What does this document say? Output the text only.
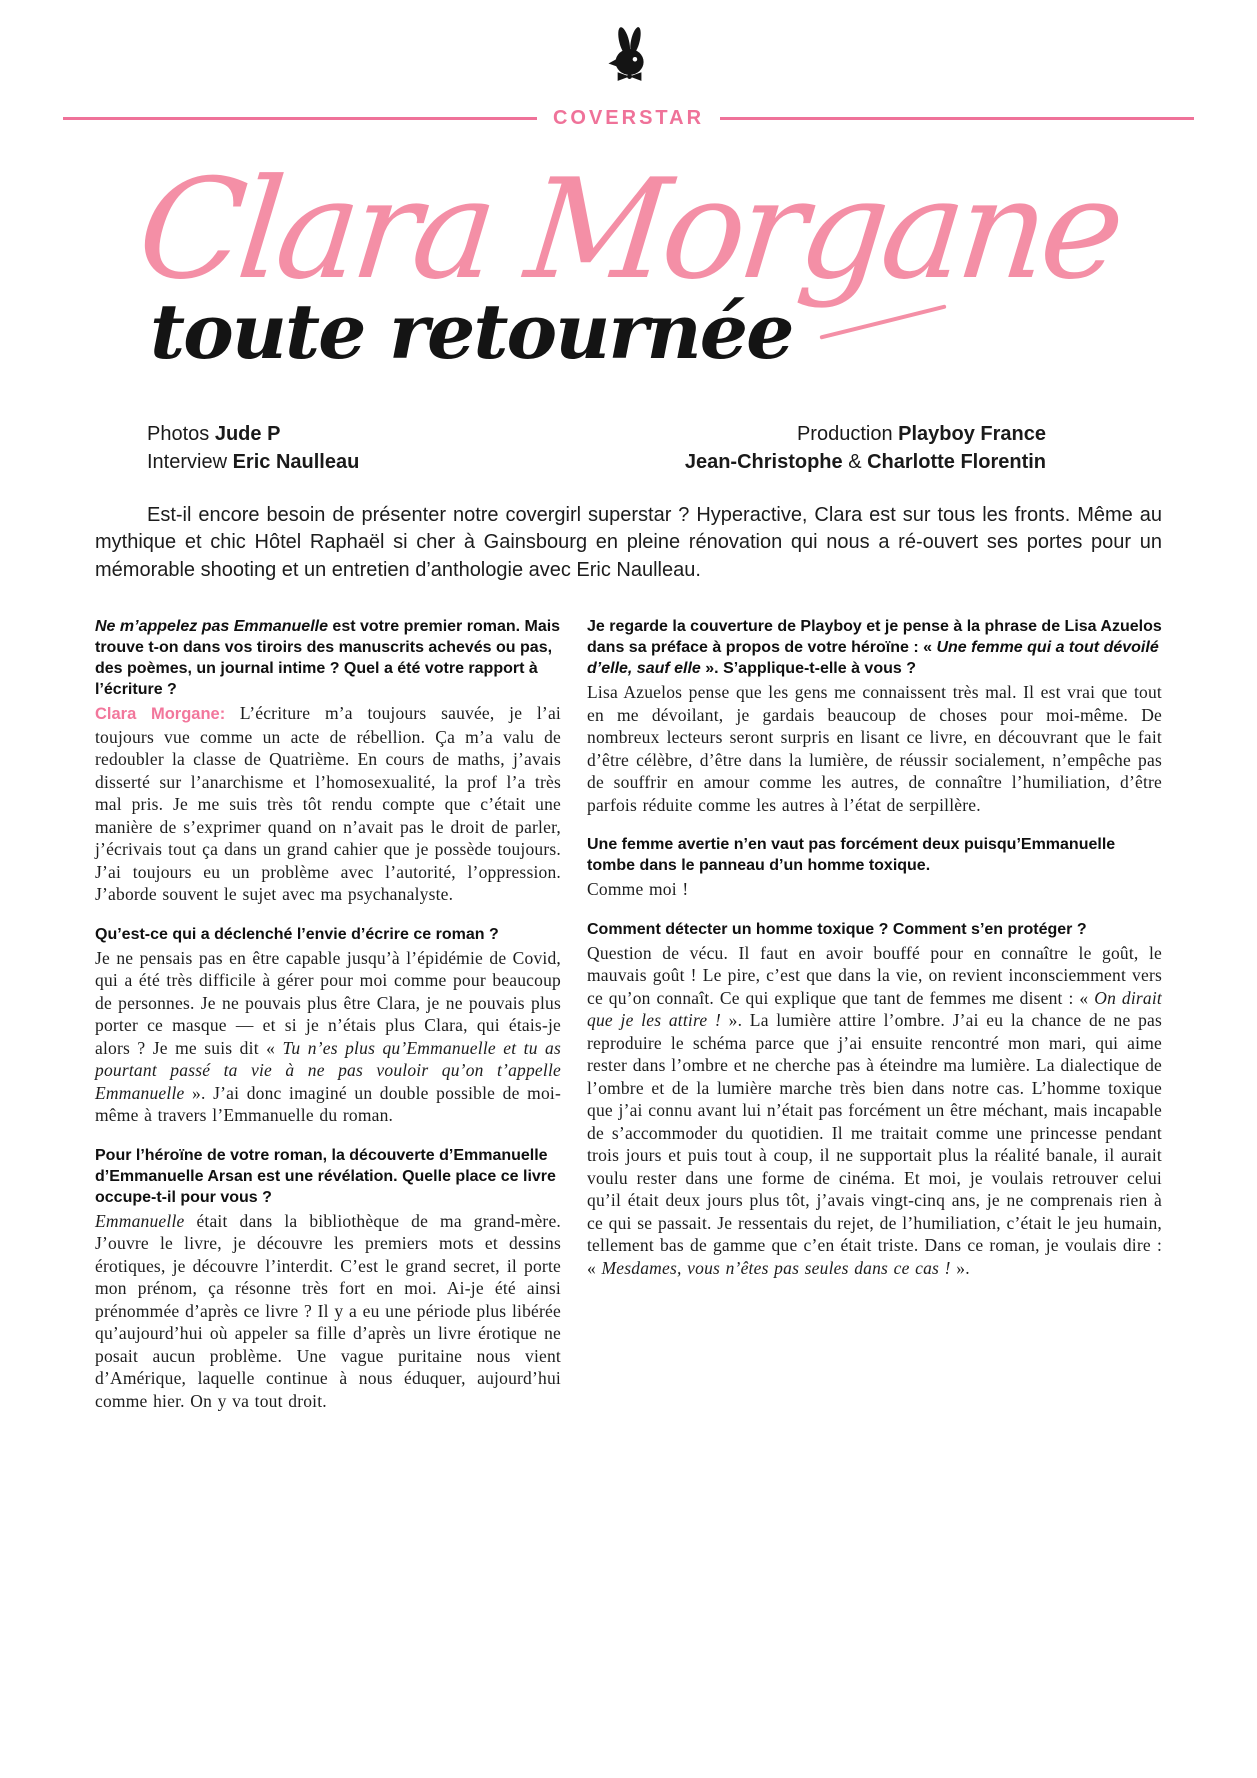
COVERSTAR
Clara Morgane
toute retournée
Photos Jude P
Interview Eric Naulleau
Production Playboy France
Jean-Christophe & Charlotte Florentin

Est-il encore besoin de présenter notre covergirl superstar ? Hyperactive, Clara est sur tous les fronts. Même au mythique et chic Hôtel Raphaël si cher à Gainsbourg en pleine rénovation qui nous a ré-ouvert ses portes pour un mémorable shooting et un entretien d’anthologie avec Eric Naulleau.

Ne m’appelez pas Emmanuelle est votre premier roman. Mais trouve t-on dans vos tiroirs des manuscrits achevés ou pas, des poèmes, un journal intime ? Quel a été votre rapport à l’écriture ?
Clara Morgane: L’écriture m’a toujours sauvée, je l’ai toujours vue comme un acte de rébellion. Ça m’a valu de redoubler la classe de Quatrième. En cours de maths, j’avais disserté sur l’anarchisme et l’homosexualité, la prof l’a très mal pris. Je me suis très tôt rendu compte que c’était une manière de s’exprimer quand on n’avait pas le droit de parler, j’écrivais tout ça dans un grand cahier que je possède toujours. J’ai toujours eu un problème avec l’autorité, l’oppression. J’aborde souvent le sujet avec ma psychanalyste.
Qu’est-ce qui a déclenché l’envie d’écrire ce roman ?
Je ne pensais pas en être capable jusqu’à l’épidémie de Covid, qui a été très difficile à gérer pour moi comme pour beaucoup de personnes. Je ne pouvais plus être Clara, je ne pouvais plus porter ce masque — et si je n’étais plus Clara, qui étais-je alors ? Je me suis dit « Tu n’es plus qu’Emmanuelle et tu as pourtant passé ta vie à ne pas vouloir qu’on t’appelle Emmanuelle ». J’ai donc imaginé un double possible de moi-même à travers l’Emmanuelle du roman.
Pour l’héroïne de votre roman, la découverte d’Emmanuelle d’Emmanuelle Arsan est une révélation. Quelle place ce livre occupe-t-il pour vous ?
Emmanuelle était dans la bibliothèque de ma grand-mère. J’ouvre le livre, je découvre les premiers mots et dessins érotiques, je découvre l’interdit. C’est le grand secret, il porte mon prénom, ça résonne très fort en moi. Ai-je été ainsi prénommée d’après ce livre ? Il y a eu une période plus libérée qu’aujourd’hui où appeler sa fille d’après un livre érotique ne posait aucun problème. Une vague puritaine nous vient d’Amérique, laquelle continue à nous éduquer, aujourd’hui comme hier. On y va tout droit.
Je regarde la couverture de Playboy et je pense à la phrase de Lisa Azuelos dans sa préface à propos de votre héroïne : « Une femme qui a tout dévoilé d’elle, sauf elle ». S’applique-t-elle à vous ?
Lisa Azuelos pense que les gens me connaissent très mal. Il est vrai que tout en me dévoilant, je gardais beaucoup de choses pour moi-même. De nombreux lecteurs seront surpris en lisant ce livre, en découvrant que le fait d’être célèbre, d’être dans la lumière, de réussir socialement, n’empêche pas de souffrir en amour comme les autres, de connaître l’humiliation, d’être parfois réduite comme les autres à l’état de serpillère.
Une femme avertie n’en vaut pas forcément deux puisqu’Emmanuelle tombe dans le panneau d’un homme toxique.
Comme moi !
Comment détecter un homme toxique ? Comment s’en protéger ?
Question de vécu. Il faut en avoir bouffé pour en connaître le goût, le mauvais goût ! Le pire, c’est que dans la vie, on revient inconsciemment vers ce qu’on connaît. Ce qui explique que tant de femmes me disent : « On dirait que je les attire ! ». La lumière attire l’ombre. J’ai eu la chance de ne pas reproduire le schéma parce que j’ai ensuite rencontré mon mari, qui aime rester dans l’ombre et ne cherche pas à éteindre ma lumière. La dialectique de l’ombre et de la lumière marche très bien dans notre cas. L’homme toxique que j’ai connu avant lui n’était pas forcément un être méchant, mais incapable de s’accommoder du quotidien. Il me traitait comme une princesse pendant trois jours et puis tout à coup, il ne supportait plus la réalité banale, il aurait voulu rester dans une forme de cinéma. Et moi, je voulais retrouver celui qu’il était deux jours plus tôt, j’avais vingt-cinq ans, je ne comprenais rien à ce qui se passait. Je ressentais du rejet, de l’humiliation, c’était le jeu humain, tellement bas de gamme que c’en était triste. Dans ce roman, je voulais dire : « Mesdames, vous n’êtes pas seules dans ce cas ! ».
